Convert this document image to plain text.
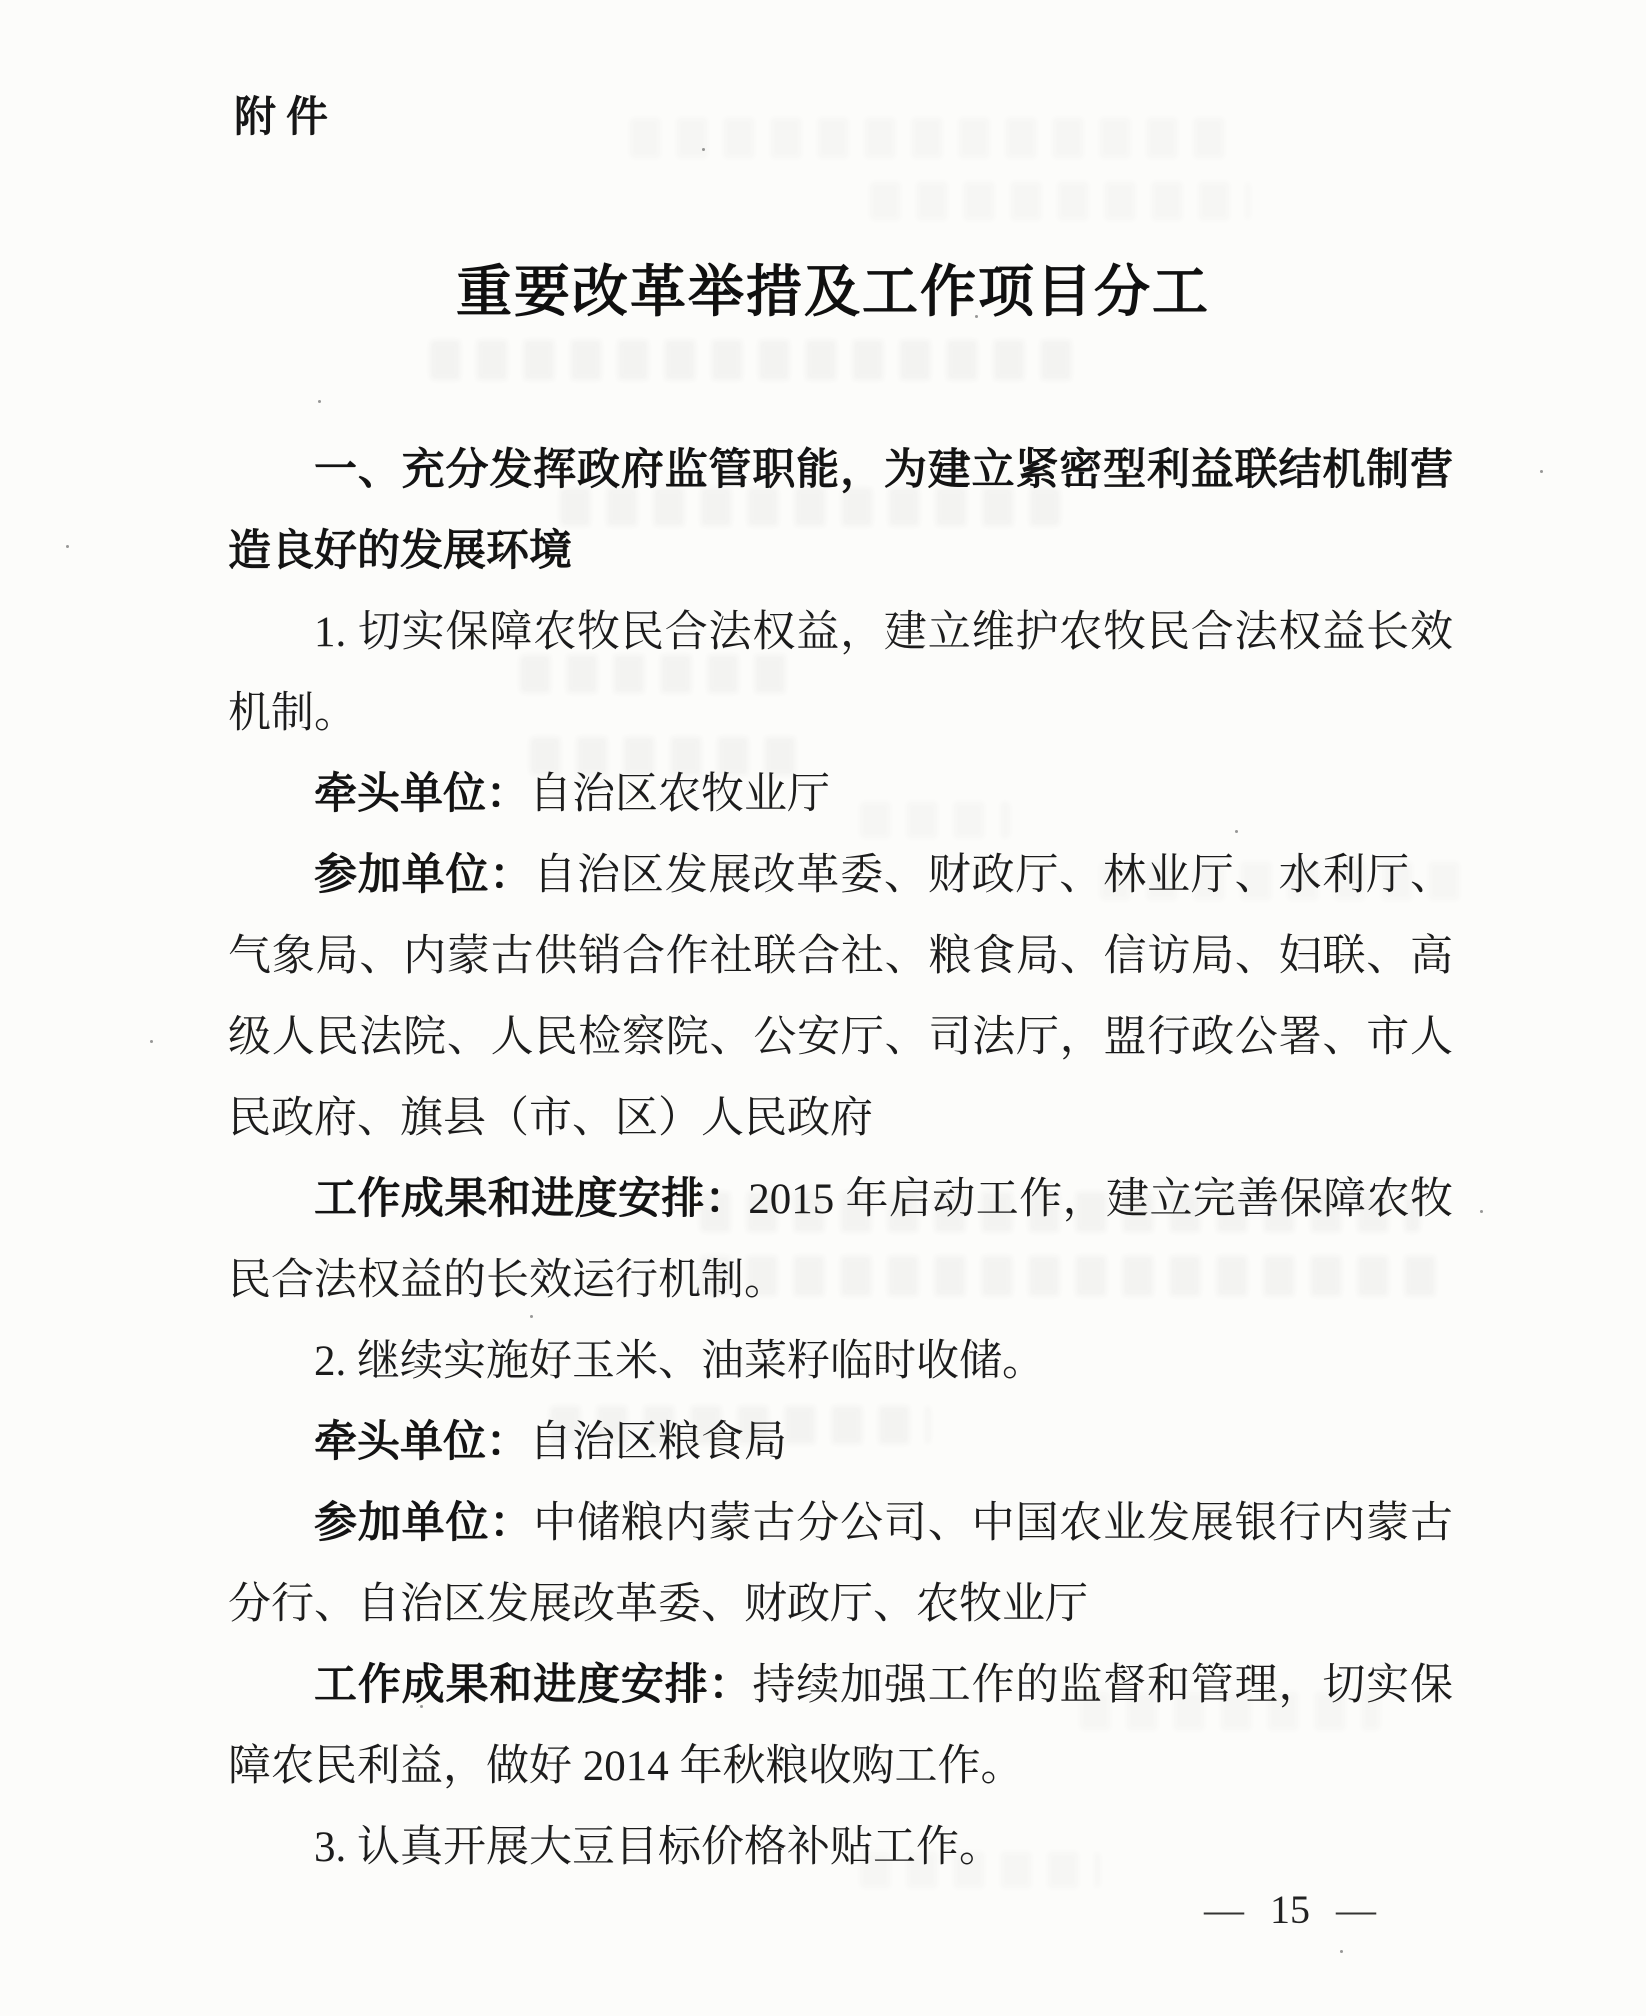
附件
重要改革举措及工作项目分工

一、充分发挥政府监管职能，为建立紧密型利益联结机制营造良好的发展环境

1. 切实保障农牧民合法权益，建立维护农牧民合法权益长效机制。

牵头单位：自治区农牧业厅

参加单位：自治区发展改革委、财政厅、林业厅、水利厅、气象局、内蒙古供销合作社联合社、粮食局、信访局、妇联、高级人民法院、人民检察院、公安厅、司法厅，盟行政公署、市人民政府、旗县（市、区）人民政府

工作成果和进度安排：2015 年启动工作，建立完善保障农牧民合法权益的长效运行机制。

2. 继续实施好玉米、油菜籽临时收储。

牵头单位：自治区粮食局

参加单位：中储粮内蒙古分公司、中国农业发展银行内蒙古分行、自治区发展改革委、财政厅、农牧业厅

工作成果和进度安排：持续加强工作的监督和管理，切实保障农民利益，做好 2014 年秋粮收购工作。

3. 认真开展大豆目标价格补贴工作。

— 15 —
